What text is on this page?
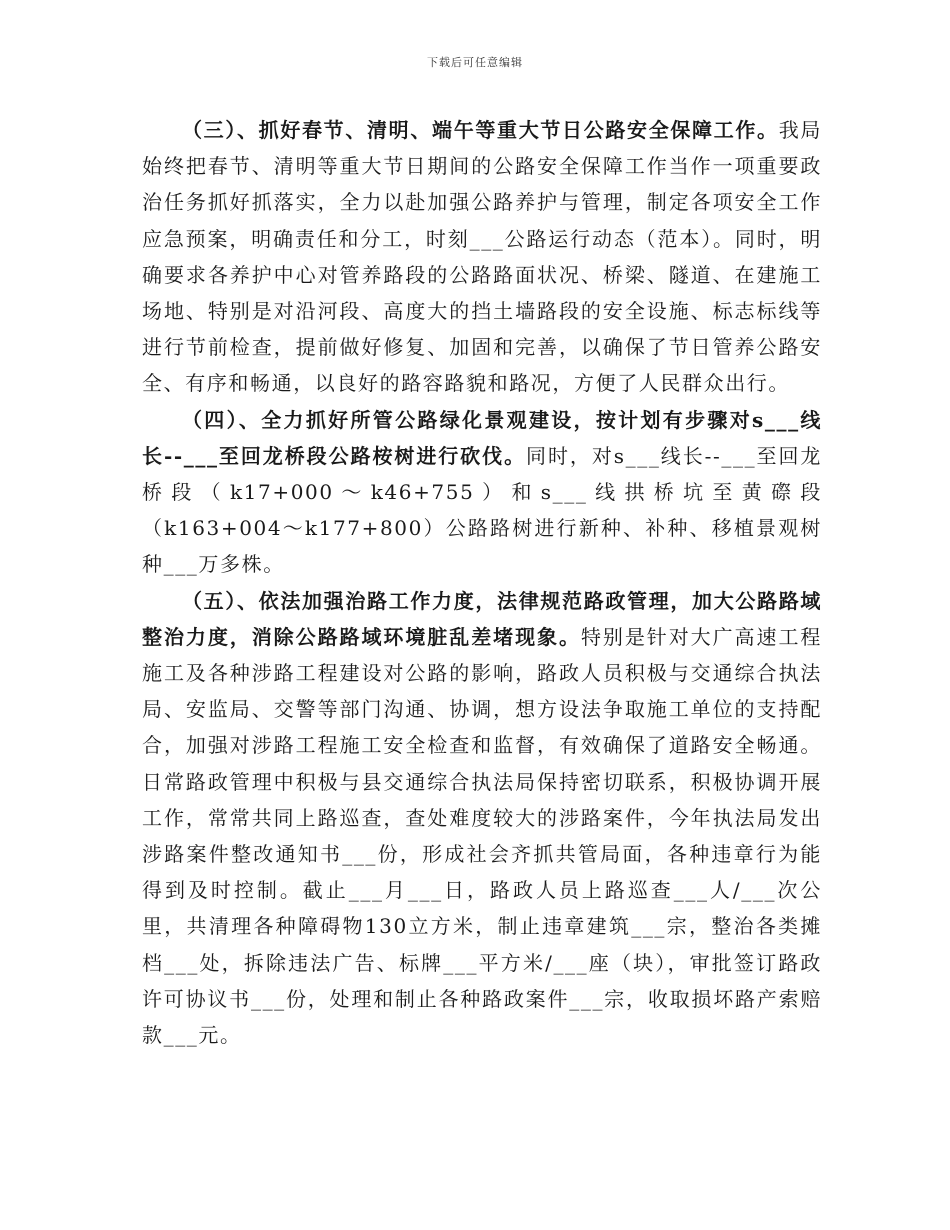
下载后可任意编辑

（三）、抓好春节、清明、端午等重大节日公路安全保障工作。我局始终把春节、清明等重大节日期间的公路安全保障工作当作一项重要政治任务抓好抓落实，全力以赴加强公路养护与管理，制定各项安全工作应急预案，明确责任和分工，时刻___公路运行动态（范本）。同时，明确要求各养护中心对管养路段的公路路面状况、桥梁、隧道、在建施工场地、特别是对沿河段、高度大的挡土墙路段的安全设施、标志标线等进行节前检查，提前做好修复、加固和完善，以确保了节日管养公路安全、有序和畅通，以良好的路容路貌和路况，方便了人民群众出行。

（四）、全力抓好所管公路绿化景观建设，按计划有步骤对s___线长--___至回龙桥段公路桉树进行砍伐。同时，对s___线长--___至回龙桥段（k17+000～k46+755）和s___线拱桥坑至黄磜段（k163+004～k177+800）公路路树进行新种、补种、移植景观树种___万多株。

（五）、依法加强治路工作力度，法律规范路政管理，加大公路路域整治力度，消除公路路域环境脏乱差堵现象。特别是针对大广高速工程施工及各种涉路工程建设对公路的影响，路政人员积极与交通综合执法局、安监局、交警等部门沟通、协调，想方设法争取施工单位的支持配合，加强对涉路工程施工安全检查和监督，有效确保了道路安全畅通。日常路政管理中积极与县交通综合执法局保持密切联系，积极协调开展工作，常常共同上路巡查，查处难度较大的涉路案件，今年执法局发出涉路案件整改通知书___份，形成社会齐抓共管局面，各种违章行为能得到及时控制。截止___月___日，路政人员上路巡查___人/___次公里，共清理各种障碍物130立方米，制止违章建筑___宗，整治各类摊档___处，拆除违法广告、标牌___平方米/___座（块），审批签订路政许可协议书___份，处理和制止各种路政案件___宗，收取损坏路产索赔款___元。
